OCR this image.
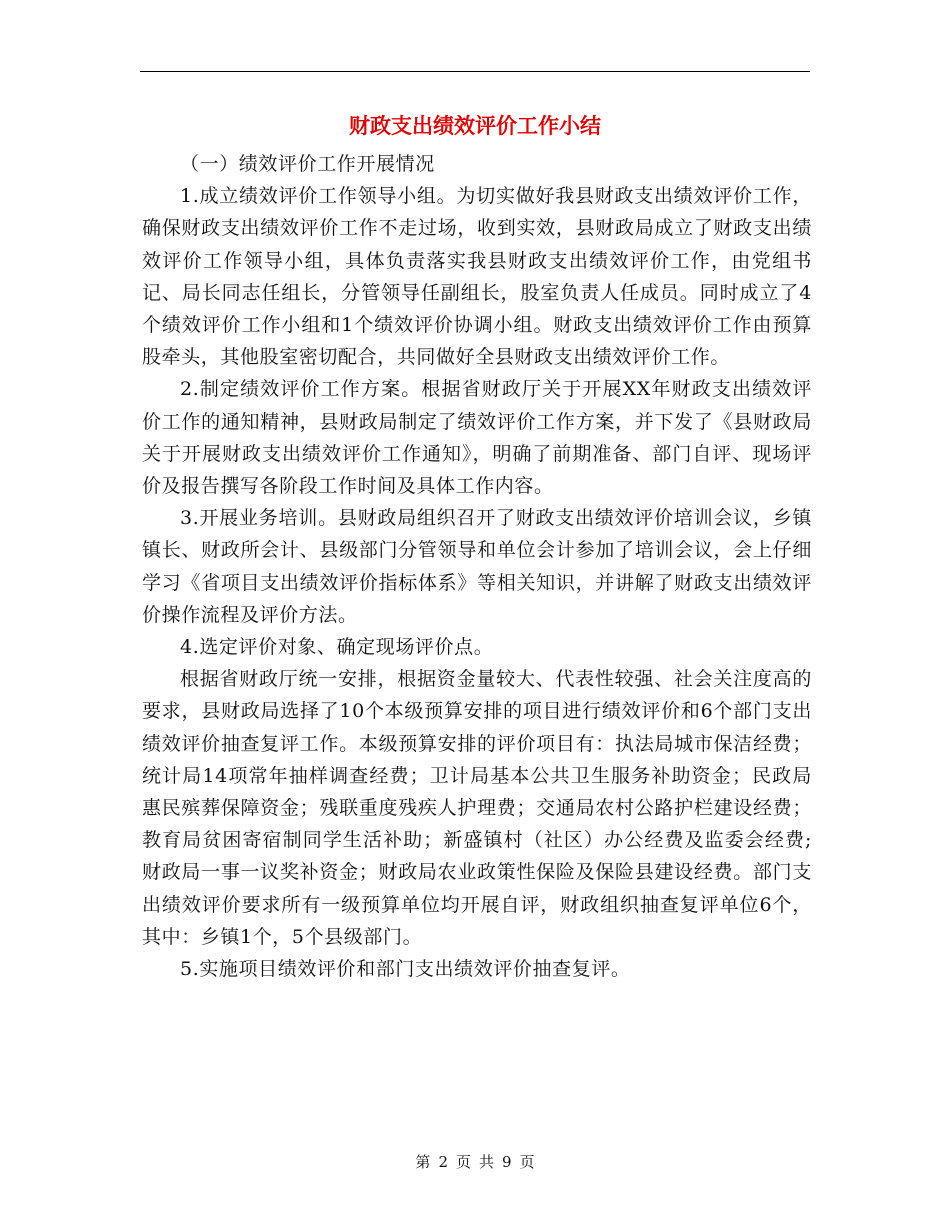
财政支出绩效评价工作小结

（一）绩效评价工作开展情况

1.成立绩效评价工作领导小组。为切实做好我县财政支出绩效评价工作，确保财政支出绩效评价工作不走过场，收到实效，县财政局成立了财政支出绩效评价工作领导小组，具体负责落实我县财政支出绩效评价工作，由党组书记、局长同志任组长，分管领导任副组长，股室负责人任成员。同时成立了4个绩效评价工作小组和1个绩效评价协调小组。财政支出绩效评价工作由预算股牵头，其他股室密切配合，共同做好全县财政支出绩效评价工作。

2.制定绩效评价工作方案。根据省财政厅关于开展XX年财政支出绩效评价工作的通知精神，县财政局制定了绩效评价工作方案，并下发了《县财政局关于开展财政支出绩效评价工作通知》，明确了前期准备、部门自评、现场评价及报告撰写各阶段工作时间及具体工作内容。

3.开展业务培训。县财政局组织召开了财政支出绩效评价培训会议，乡镇镇长、财政所会计、县级部门分管领导和单位会计参加了培训会议，会上仔细学习《省项目支出绩效评价指标体系》等相关知识，并讲解了财政支出绩效评价操作流程及评价方法。

4.选定评价对象、确定现场评价点。

根据省财政厅统一安排，根据资金量较大、代表性较强、社会关注度高的要求，县财政局选择了10个本级预算安排的项目进行绩效评价和6个部门支出绩效评价抽查复评工作。本级预算安排的评价项目有：执法局城市保洁经费；统计局14项常年抽样调查经费；卫计局基本公共卫生服务补助资金；民政局惠民殡葬保障资金；残联重度残疾人护理费；交通局农村公路护栏建设经费；教育局贫困寄宿制同学生活补助；新盛镇村（社区）办公经费及监委会经费;财政局一事一议奖补资金；财政局农业政策性保险及保险县建设经费。部门支出绩效评价要求所有一级预算单位均开展自评，财政组织抽查复评单位6个，其中：乡镇1个，5个县级部门。

5.实施项目绩效评价和部门支出绩效评价抽查复评。

第 2 页 共 9 页
